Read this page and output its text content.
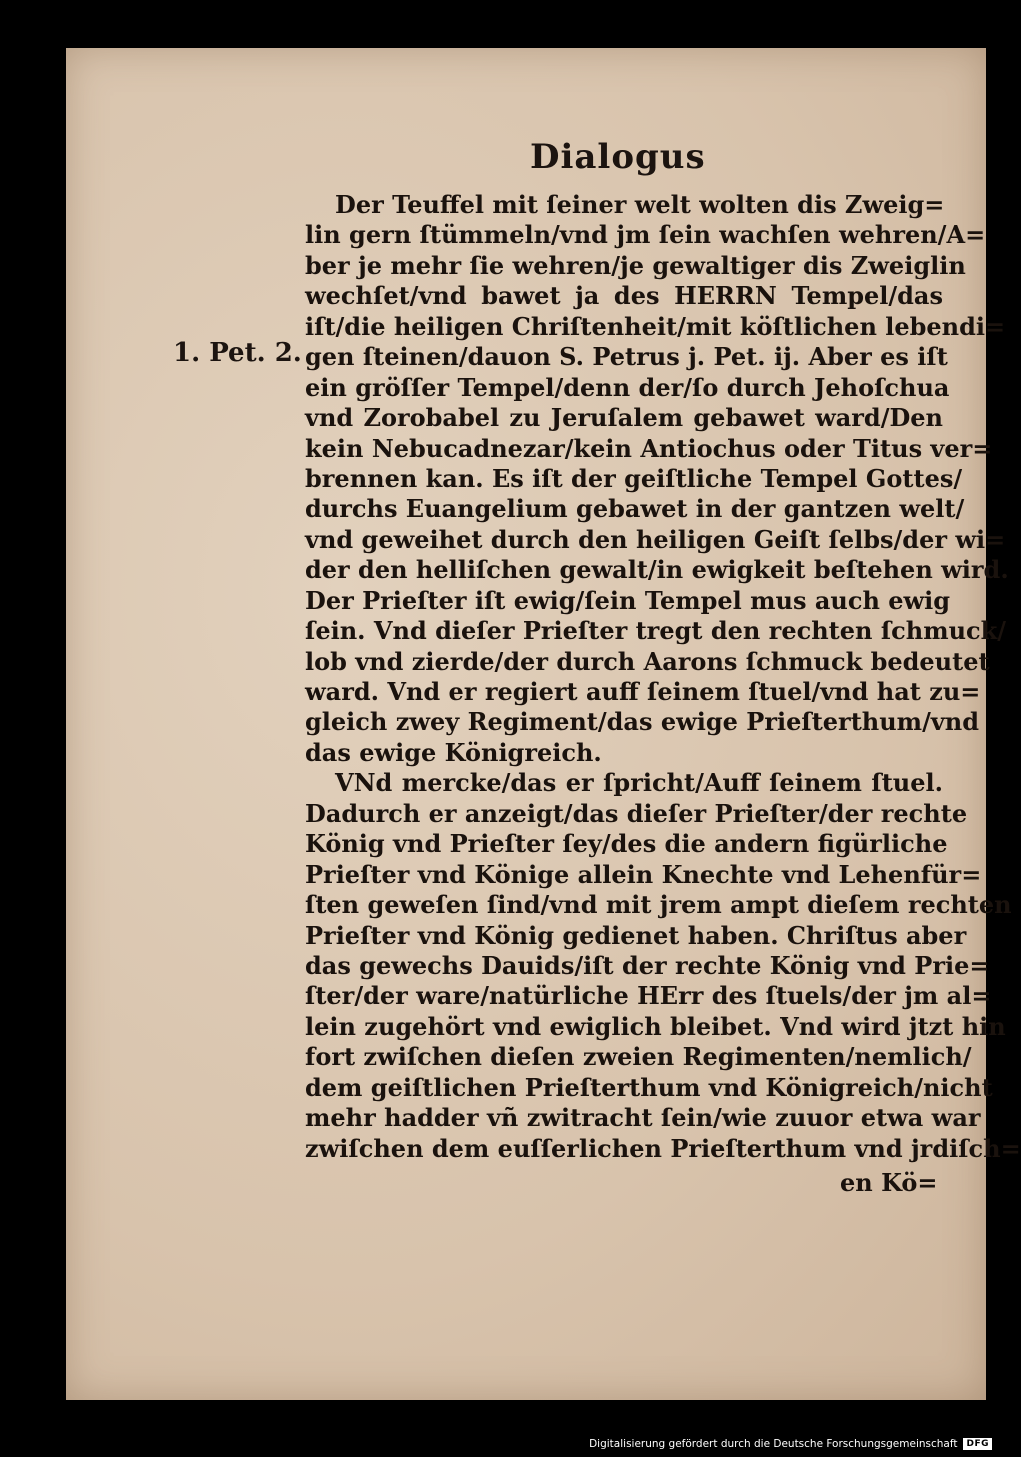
Dialogus
1. Pet. 2.
Der Teuffel mit ſeiner welt wolten dis Zweig=
lin gern ſtümmeln/vnd jm ſein wachſen wehren/A=
ber je mehr ſie wehren/je gewaltiger dis Zweiglin
wechſet/vnd bawet ja des HERRN Tempel/das
iſt/die heiligen Chriſtenheit/mit köſtlichen lebendi=
gen ſteinen/dauon S. Petrus j. Pet. ij. Aber es iſt
ein gröſſer Tempel/denn der/ſo durch Jehoſchua
vnd Zorobabel zu Jeruſalem gebawet ward/Den
kein Nebucadnezar/kein Antiochus oder Titus ver=
brennen kan. Es iſt der geiſtliche Tempel Gottes/
durchs Euangelium gebawet in der gantzen welt/
vnd geweihet durch den heiligen Geiſt ſelbs/der wi=
der den helliſchen gewalt/in ewigkeit beſtehen wird.
Der Prieſter iſt ewig/ſein Tempel mus auch ewig
ſein. Vnd dieſer Prieſter tregt den rechten ſchmuck/
lob vnd zierde/der durch Aarons ſchmuck bedeutet
ward. Vnd er regiert auff ſeinem ſtuel/vnd hat zu=
gleich zwey Regiment/das ewige Prieſterthum/vnd
das ewige Königreich.
VNd mercke/das er ſpricht/Auff ſeinem ſtuel.
Dadurch er anzeigt/das dieſer Prieſter/der rechte
König vnd Prieſter ſey/des die andern figürliche
Prieſter vnd Könige allein Knechte vnd Lehenfür=
ſten geweſen ſind/vnd mit jrem ampt dieſem rechten
Prieſter vnd König gedienet haben. Chriſtus aber
das gewechs Dauids/iſt der rechte König vnd Prie=
ſter/der ware/natürliche HErr des ſtuels/der jm al=
lein zugehört vnd ewiglich bleibet. Vnd wird jtzt hin
fort zwiſchen dieſen zweien Regimenten/nemlich/
dem geiſtlichen Prieſterthum vnd Königreich/nicht
mehr hadder vñ zwitracht ſein/wie zuuor etwa war
zwiſchen dem euſſerlichen Prieſterthum vnd jrdiſch=
en Kö=
Digitalisierung gefördert durch die Deutsche Forschungsgemeinschaft	DFG
